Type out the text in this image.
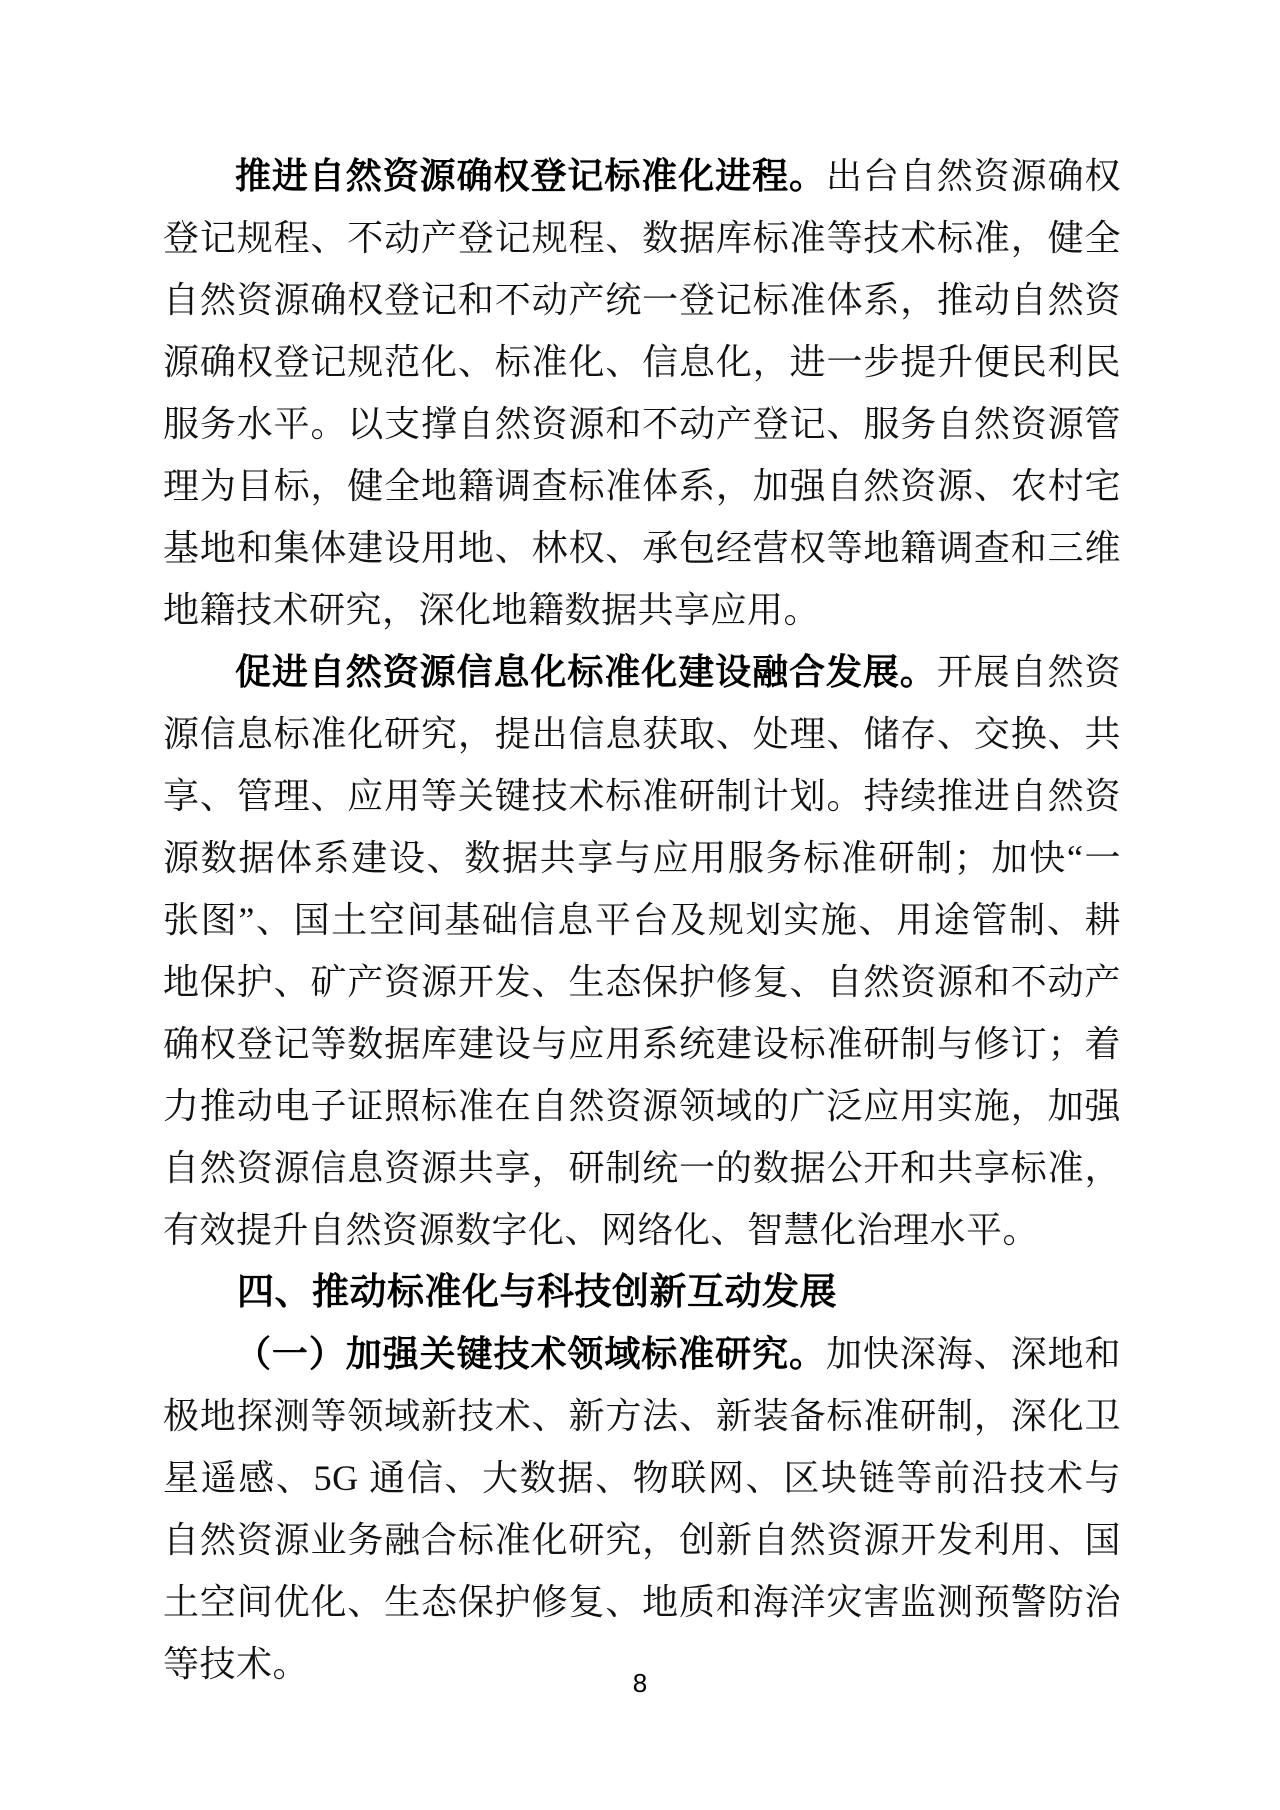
推进自然资源确权登记标准化进程。出台自然资源确权登记规程、不动产登记规程、数据库标准等技术标准，健全自然资源确权登记和不动产统一登记标准体系，推动自然资源确权登记规范化、标准化、信息化，进一步提升便民利民服务水平。以支撑自然资源和不动产登记、服务自然资源管理为目标，健全地籍调查标准体系，加强自然资源、农村宅基地和集体建设用地、林权、承包经营权等地籍调查和三维地籍技术研究，深化地籍数据共享应用。

促进自然资源信息化标准化建设融合发展。开展自然资源信息标准化研究，提出信息获取、处理、储存、交换、共享、管理、应用等关键技术标准研制计划。持续推进自然资源数据体系建设、数据共享与应用服务标准研制；加快“一张图”、国土空间基础信息平台及规划实施、用途管制、耕地保护、矿产资源开发、生态保护修复、自然资源和不动产确权登记等数据库建设与应用系统建设标准研制与修订；着力推动电子证照标准在自然资源领域的广泛应用实施，加强自然资源信息资源共享，研制统一的数据公开和共享标准，有效提升自然资源数字化、网络化、智慧化治理水平。

四、推动标准化与科技创新互动发展

（一）加强关键技术领域标准研究。加快深海、深地和极地探测等领域新技术、新方法、新装备标准研制，深化卫星遥感、5G 通信、大数据、物联网、区块链等前沿技术与自然资源业务融合标准化研究，创新自然资源开发利用、国土空间优化、生态保护修复、地质和海洋灾害监测预警防治等技术。	8
